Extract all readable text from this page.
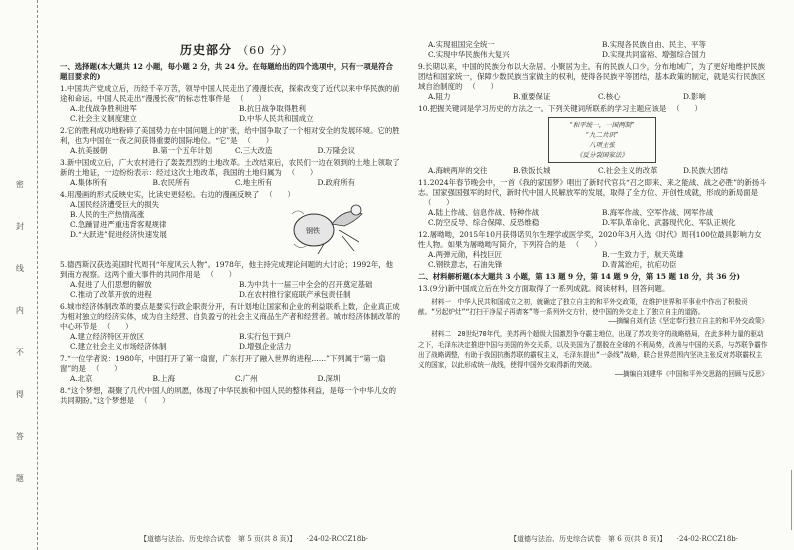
密
封
线
内
不
得
答
题
历史部分 （60 分）
一、选择题(本大题共 12 小题，每小题 2 分，共 24 分。在每题给出的四个选项中，只有一项是符合题目要求的)
1.中国共产党成立后，历经千辛万苦，领导中国人民走出了漫漫长夜，探索改变了近代以来中华民族的前途和命运。中国人民走出“漫漫长夜”的标志性事件是 （　　）
A.北伐战争胜利进军	B.抗日战争取得胜利
C.社会主义制度建立	D.中华人民共和国成立
2.它的胜利成功地粉碎了美国势力在中国问题上的扩张，给中国争取了一个相对安全的发展环境。它的胜利，也为中国在一夜之间获得重要的国际地位。“它”是 （　　）
A.抗美援朝	B.第一个五年计划	C.三大改造	D.万隆会议
3.新中国成立后，广大农村进行了轰轰烈烈的土地改革。土改结束后，农民们一边在领到的土地上领取了新的土地证，一边纷纷表示：经过这次土地改革，我国的土地归属为 （　　）
A.集体所有	B.农民所有	C.地主所有	D.政府所有
4.用漫画的形式反映史实，比读史更轻松。右边的漫画反映了 （　　）
A.国民经济遭受巨大的损失
B.人民的生产热情高涨
C.急躁冒进严重违背客观规律
D.“大跃进”促进经济快速发展	钢铁
5.德西斯汉获选美国时代周刊“年度风云人物”。1978年，他主持完成理论问题的大讨论；1992年，他到南方视察。这两个重大事件的共同作用是 （　　）
A.促进了人们思想的解放	B.为中共十一届三中全会的召开奠定基础
C.推动了改革开放的进程	D.在农村推行家庭联产承包责任制
6.城市经济体制改革的要点是要实行政企职责分开，有计划地让国家和企业的利益联系上数，企业真正成为相对独立的经济实体，成为自主经营、自负盈亏的社会主义商品生产者和经营者。城市经济体制改革的中心环节是 （　　）
A.建立经济特区开放区	B.实行包干到户
C.建立社会主义市场经济体制	D.增强企业活力
7.“一位学者说：1980年，中国打开了第一扇窗，广东打开了融入世界的进程……”下列属于“第一扇窗”的是 （　　）
A.北京	B.上海	C.广州	D.深圳
8.“这个梦想，凝聚了几代中国人的夙愿，体现了中华民族和中国人民的整体利益，是每一个中华儿女的共同期盼。”这个梦想是 （　　）
【道德与法治、历史综合试卷　第 5 页(共 8 页)】　　·24-02-RCCZ18b·
A.实现祖国完全统一	B.实现各民族自由、民主、平等
C.实现中华民族伟大复兴	D.实现共同富裕、增强综合国力
9.长期以来，中国的民族分布以大杂居、小聚居为主。有的民族人口少，分布地域广，为了更好地维护民族团结和国家统一，保障少数民族当家做主的权利，使得各民族平等团结，基本政策的制定，就是实行民族区域自治制度的 （　　）
A.阻力	B.重要保证	C.核心	D.影响
10.把握关键词是学习历史的方法之一。下列关键词所联系的学习主题应该是 （　　）
“和平统一，一国两制”
“九二共识”
八项主张
《反分裂国家法》
A.海峡两岸的交往	B.铁饭长城	C.社会主义的改革	D.民族大团结
11.2024年春节晚会中，一首《我的家国梦》唱出了新时代官兵“召之即来、来之能战、战之必胜”的新扬斗志。国家强国强军的时代，新时代中国人民解放军的发展，取得了全方位、开创性成就，形成的新局面是（　　）
A.陆上作战、信息作战、特种作战	B.海军作战、空军作战、网军作战
C.防空反导、综合保障、反恐维稳	D.军队革命化、武器现代化、军队正规化
12.屠呦呦，2015年10月获得诺贝尔生理学或医学奖，2020年3月入选《时代》周刊100位最具影响力女性人物。如果为屠呦呦写简介，下列符合的是 （　　）
A.两弹元勋，科技巨匠	B.一生致力于，航天英雄
C.钢铁意志，石油先锋	D.青蒿治疟，抗疟功臣
二、材料解析题(本大题共 3 小题，第 13 题 9 分，第 14 题 9 分，第 15 题 18 分，共 36 分)
13.(9分)新中国成立后在外交方面取得了一系列成就。阅读材料，回答问题。
材料一　中华人民共和国成立之初，就确定了独立自主的和平外交政策，在维护世界和平事业中作出了积极贡献。“另起炉灶”“打扫干净屋子再请客”等一系列外交方针，使中国的外交走上了独立自主的道路。
——摘编自刘有法《坚定奉行独立自主的和平外交政策》
材料二　20世纪70年代，美苏两个超级大国激烈争夺霸主地位，出现了苏攻美守的战略格局，在此多种力量的驱动之下，毛泽东决定推进中国与美国的外交关系，以及美国为了摆脱在全球的不利局势，改善与中国的关系，与苏联争霸作出了战略调整，有助于我国抗衡苏联的霸权主义，毛泽东提出“一条线”战略，联合世界范围内坚决主张反对苏联霸权主义的国家，以此形成统一战线，使得中国外交取得新的突破。
——摘编自刘建华《中国和平外交思路的回顾与反思》
【道德与法治、历史综合试卷　第 6 页(共 8 页)】　　·24-02-RCCZ18b·
